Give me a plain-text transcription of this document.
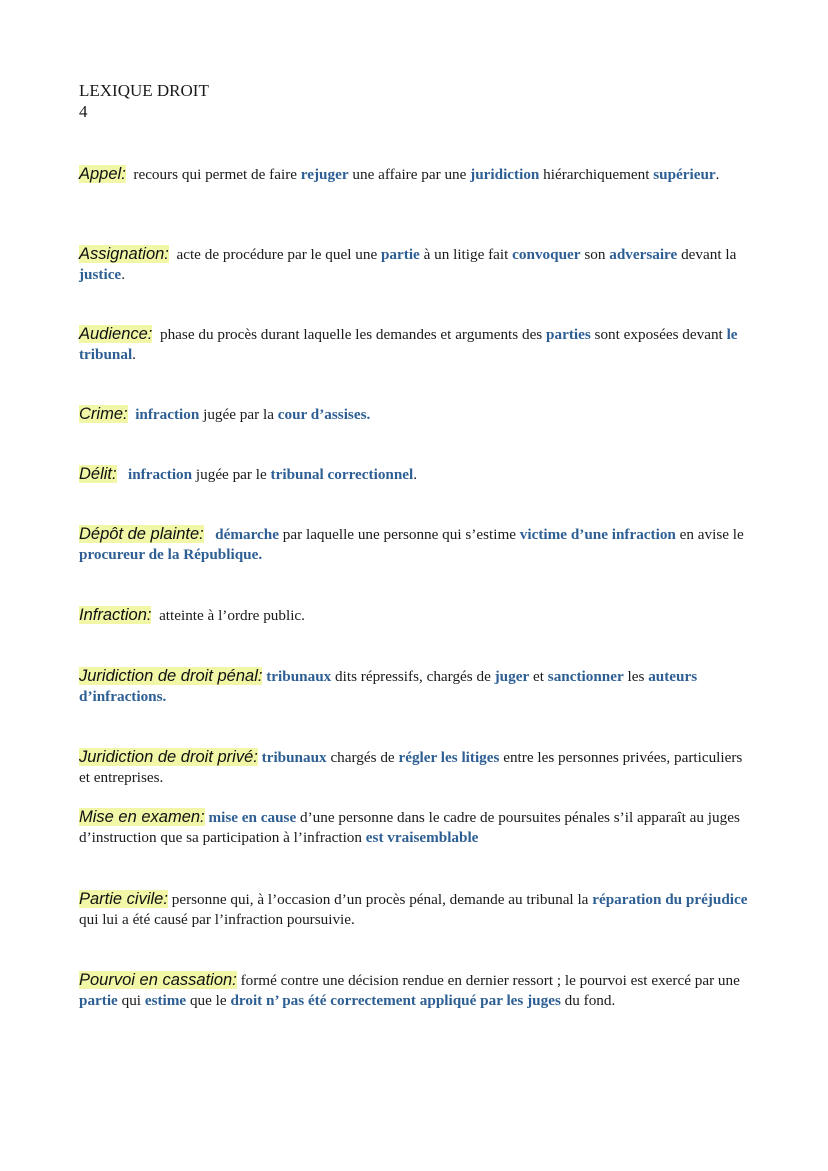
LEXIQUE DROIT
4
Appel:  recours qui permet de faire rejuger une affaire par une juridiction hiérarchiquement supérieur.
Assignation:  acte de procédure par le quel une partie à un litige fait convoquer son adversaire devant la justice.
Audience:  phase du procès durant laquelle les demandes et arguments des parties sont exposées devant le tribunal.
Crime: infraction jugée par la cour d’assises.
Délit: infraction jugée par le tribunal correctionnel.
Dépôt de plainte: démarche par laquelle une personne qui s’estime victime d’une infraction en avise le procureur de la République.
Infraction:  atteinte à l’ordre public.
Juridiction de droit pénal: tribunaux dits répressifs, chargés de juger et sanctionner les auteurs d’infractions.
Juridiction de droit privé: tribunaux chargés de régler les litiges entre les personnes privées, particuliers et entreprises.
Mise en examen: mise en cause d’une personne dans le cadre de poursuites pénales s’il apparaît au juges d’instruction que sa participation à l’infraction est vraisemblable
Partie civile: personne qui, à l’occasion d’un procès pénal, demande au tribunal la réparation du préjudice qui lui a été causé par l’infraction poursuivie.
Pourvoi en cassation: formé contre une décision rendue en dernier ressort ; le pourvoi est exercé par une partie qui estime que le droit n’ pas été correctement appliqué par les juges du fond.
